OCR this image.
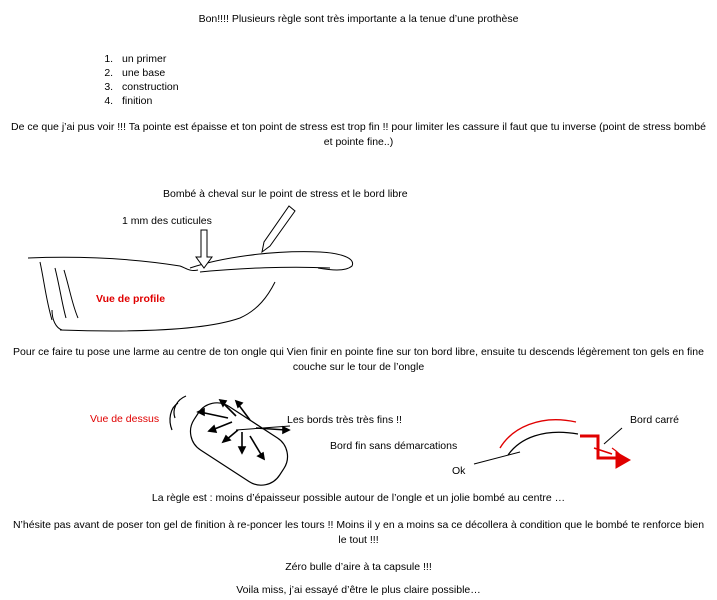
Bon!!!! Plusieurs règle sont très importante a la tenue d’une prothèse
1. un primer
2. une base
3. construction
4. finition
De ce que j’ai pus voir !!! Ta pointe est épaisse et ton point de stress est trop fin !! pour limiter les cassure il faut que tu inverse (point de stress bombé et pointe fine..)
Bombé à cheval sur le point de stress et le bord libre
1 mm des cuticules
Vue de profile
Pour ce faire tu pose une larme au centre de ton ongle qui Vien finir en pointe fine sur ton bord libre, ensuite tu descends légèrement ton gels en fine couche sur le tour de l’ongle
Vue de dessus	Les bords très très fins !!
Bord fin sans démarcations
Bord carré
Ok
La règle est : moins d’épaisseur possible autour de l’ongle et un jolie bombé au centre …
N’hésite pas avant de poser ton gel de finition à re-poncer les tours !! Moins il y en a moins sa ce décollera à condition que le bombé te renforce bien le tout !!!
Zéro bulle d’aire à ta capsule !!!
Voila miss, j’ai essayé d’être le plus claire possible…
